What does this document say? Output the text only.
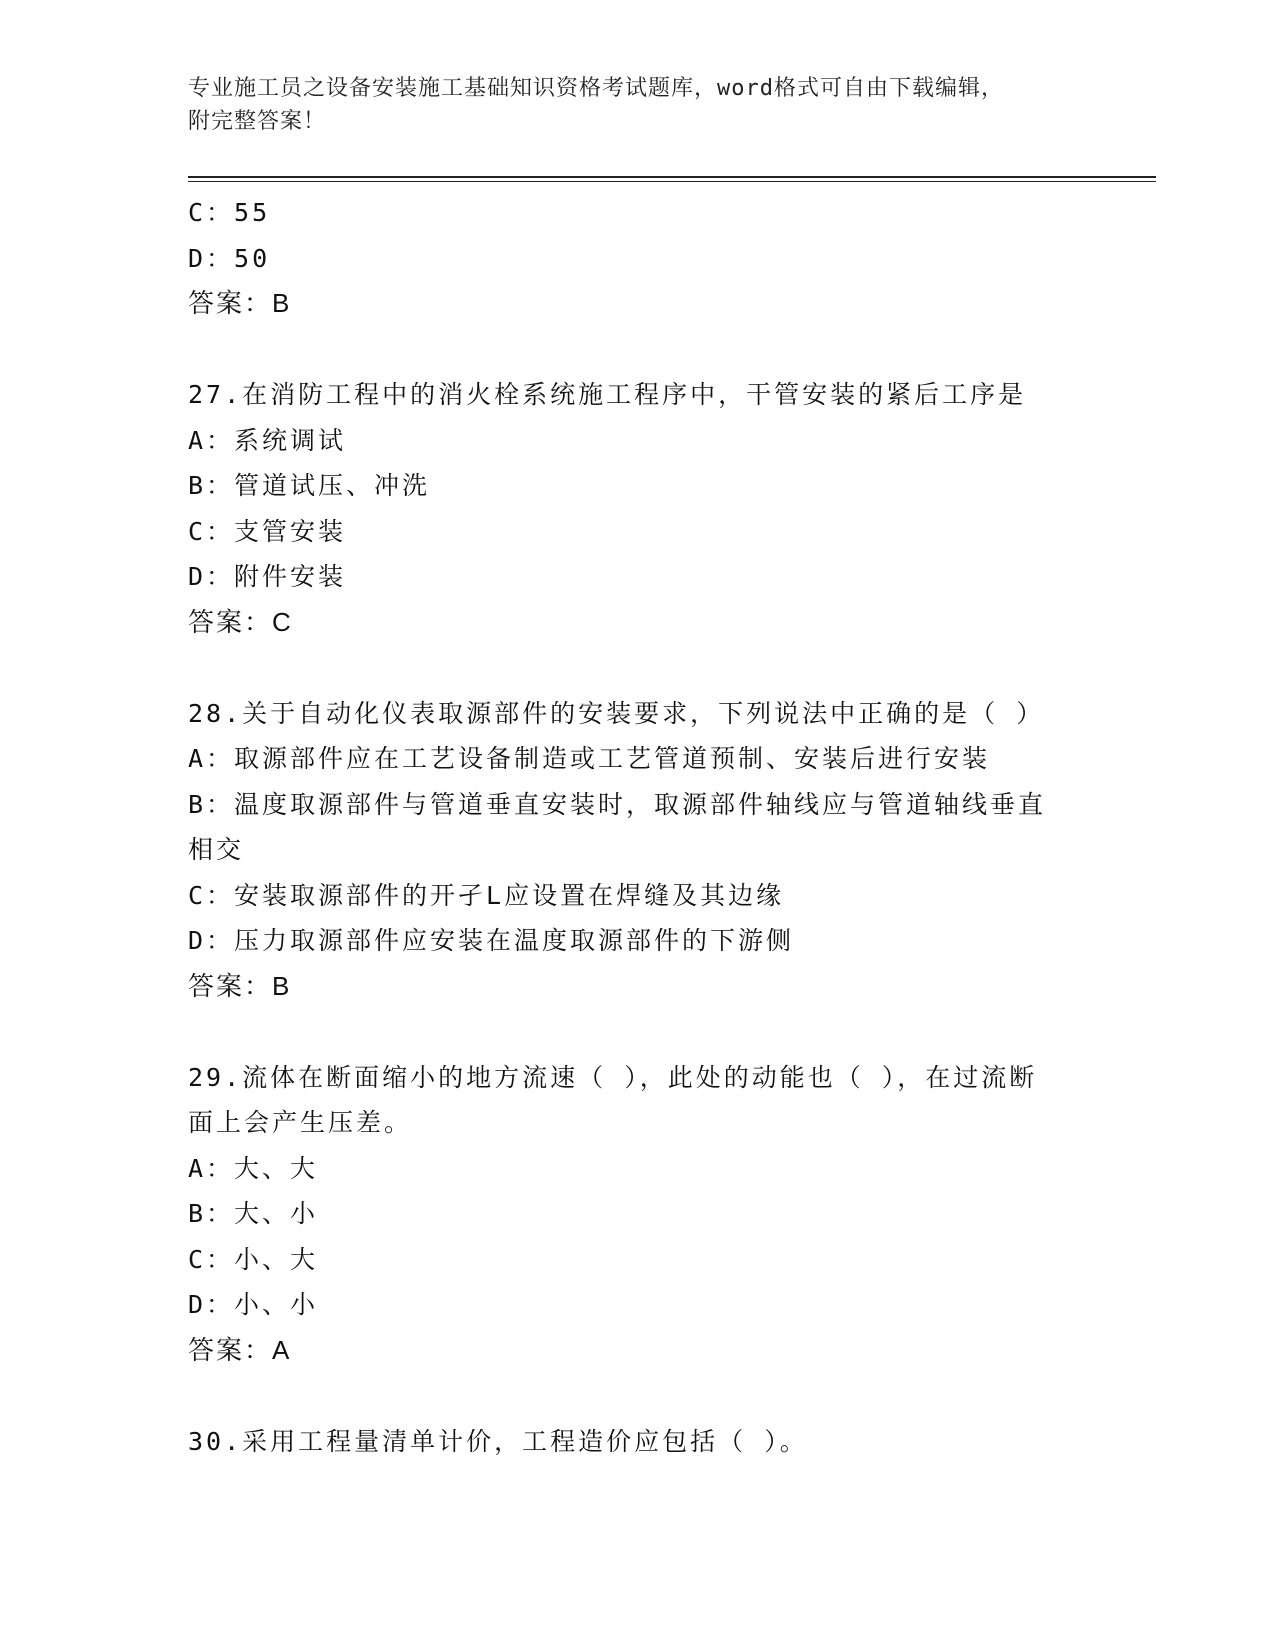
专业施工员之设备安装施工基础知识资格考试题库，word格式可自由下载编辑，
附完整答案！
C：55
D：50
答案：B
27.在消防工程中的消火栓系统施工程序中，干管安装的紧后工序是
A：系统调试
B：管道试压、冲洗
C：支管安装
D：附件安装
答案：C
28.关于自动化仪表取源部件的安装要求，下列说法中正确的是（ ）
A：取源部件应在工艺设备制造或工艺管道预制、安装后进行安装
B：温度取源部件与管道垂直安装时，取源部件轴线应与管道轴线垂直
相交
C：安装取源部件的开孑L应设置在焊缝及其边缘
D：压力取源部件应安装在温度取源部件的下游侧
答案：B
29.流体在断面缩小的地方流速（ ），此处的动能也（ ），在过流断
面上会产生压差。
A：大、大
B：大、小
C：小、大
D：小、小
答案：A
30.采用工程量清单计价，工程造价应包括（ ）。
